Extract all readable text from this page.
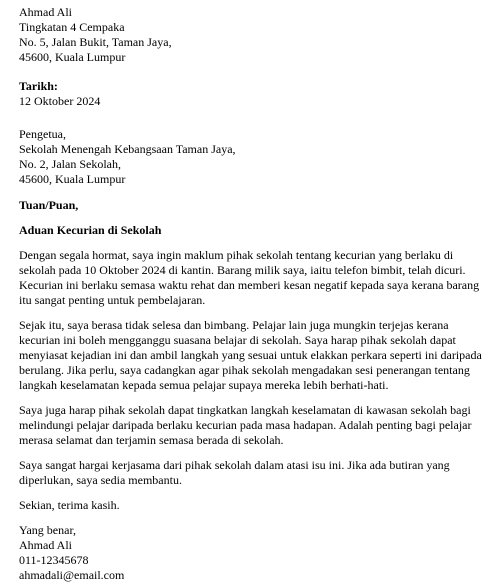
Ahmad Ali
Tingkatan 4 Cempaka
No. 5, Jalan Bukit, Taman Jaya,
45600, Kuala Lumpur
Tarikh:
12 Oktober 2024
Pengetua,
Sekolah Menengah Kebangsaan Taman Jaya,
No. 2, Jalan Sekolah,
45600, Kuala Lumpur
Tuan/Puan,
Aduan Kecurian di Sekolah
Dengan segala hormat, saya ingin maklum pihak sekolah tentang kecurian yang berlaku di
sekolah pada 10 Oktober 2024 di kantin. Barang milik saya, iaitu telefon bimbit, telah dicuri.
Kecurian ini berlaku semasa waktu rehat dan memberi kesan negatif kepada saya kerana barang
itu sangat penting untuk pembelajaran.
Sejak itu, saya berasa tidak selesa dan bimbang. Pelajar lain juga mungkin terjejas kerana
kecurian ini boleh mengganggu suasana belajar di sekolah. Saya harap pihak sekolah dapat
menyiasat kejadian ini dan ambil langkah yang sesuai untuk elakkan perkara seperti ini daripada
berulang. Jika perlu, saya cadangkan agar pihak sekolah mengadakan sesi penerangan tentang
langkah keselamatan kepada semua pelajar supaya mereka lebih berhati-hati.
Saya juga harap pihak sekolah dapat tingkatkan langkah keselamatan di kawasan sekolah bagi
melindungi pelajar daripada berlaku kecurian pada masa hadapan. Adalah penting bagi pelajar
merasa selamat dan terjamin semasa berada di sekolah.
Saya sangat hargai kerjasama dari pihak sekolah dalam atasi isu ini. Jika ada butiran yang
diperlukan, saya sedia membantu.
Sekian, terima kasih.
Yang benar,
Ahmad Ali
011-12345678
ahmadali@email.com
